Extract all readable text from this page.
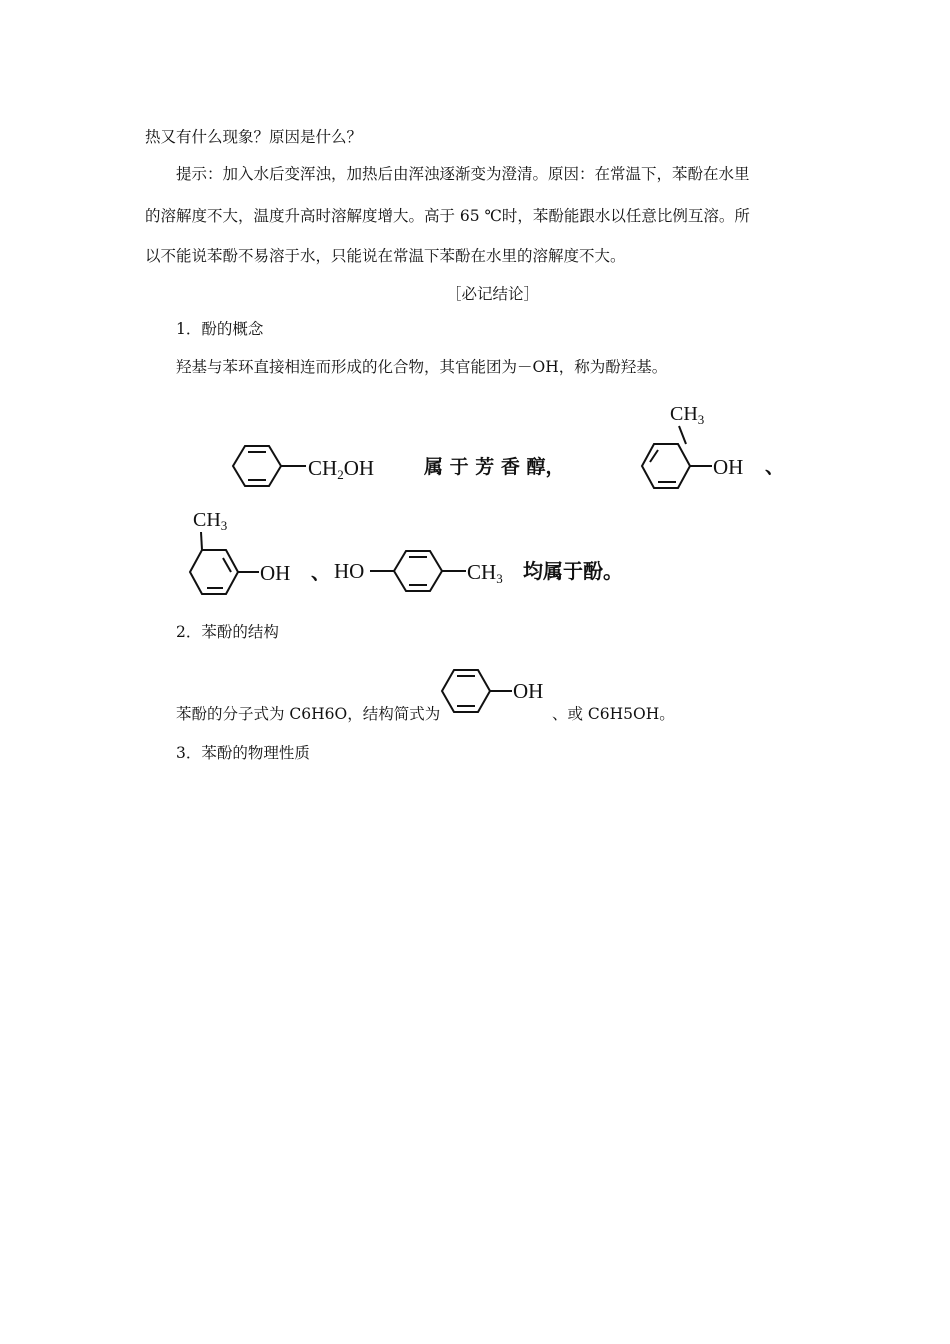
热又有什么现象？原因是什么？
提示：加入水后变浑浊，加热后由浑浊逐渐变为澄清。原因：在常温下，苯酚在水里
的溶解度不大，温度升高时溶解度增大。高于 65 ℃时，苯酚能跟水以任意比例互溶。所
以不能说苯酚不易溶于水，只能说在常温下苯酚在水里的溶解度不大。
［必记结论］
1．酚的概念
羟基与苯环直接相连而形成的化合物，其官能团为－OH，称为酚羟基。
CH2OH	属 于 芳 香 醇，
$CH_3$
OH 、
$CH_3$
OH 、 HO	CH3 均属于酚。
2．苯酚的结构
苯酚的分子式为 C6H6O，结构简式为
OH
、或 C6H5OH。
3．苯酚的物理性质
